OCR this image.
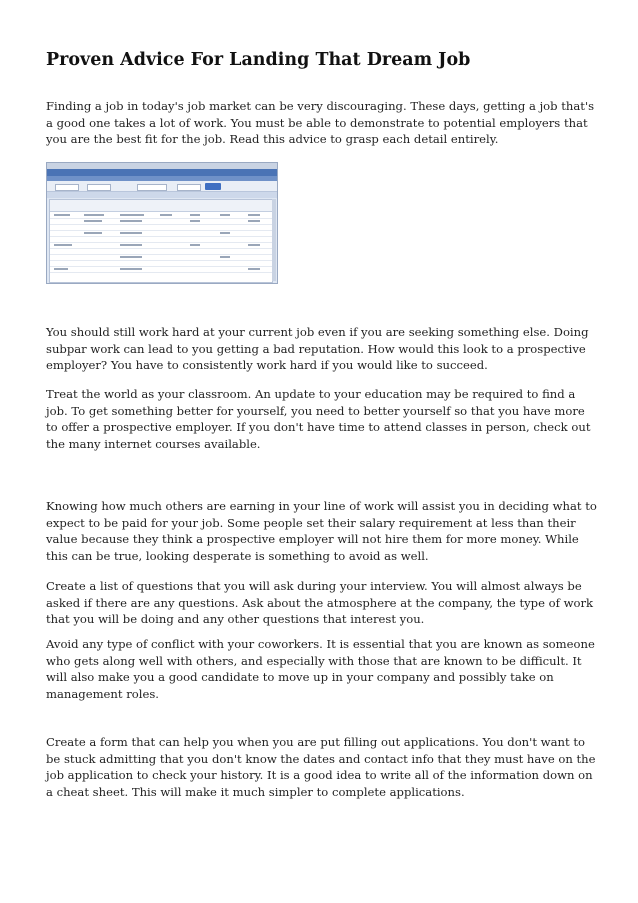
Proven Advice For Landing That Dream Job

Finding a job in today's job market can be very discouraging. These days, getting a job that's a good one takes a lot of work. You must be able to demonstrate to potential employers that you are the best fit for the job. Read this advice to grasp each detail entirely.

You should still work hard at your current job even if you are seeking something else. Doing subpar work can lead to you getting a bad reputation. How would this look to a prospective employer? You have to consistently work hard if you would like to succeed.

Treat the world as your classroom. An update to your education may be required to find a job. To get something better for yourself, you need to better yourself so that you have more to offer a prospective employer. If you don't have time to attend classes in person, check out the many internet courses available.

Knowing how much others are earning in your line of work will assist you in deciding what to expect to be paid for your job. Some people set their salary requirement at less than their value because they think a prospective employer will not hire them for more money. While this can be true, looking desperate is something to avoid as well.

Create a list of questions that you will ask during your interview. You will almost always be asked if there are any questions. Ask about the atmosphere at the company, the type of work that you will be doing and any other questions that interest you.

Avoid any type of conflict with your coworkers. It is essential that you are known as someone who gets along well with others, and especially with those that are known to be difficult. It will also make you a good candidate to move up in your company and possibly take on management roles.

Create a form that can help you when you are put filling out applications. You don't want to be stuck admitting that you don't know the dates and contact info that they must have on the job application to check your history. It is a good idea to write all of the information down on a cheat sheet. This will make it much simpler to complete applications.
